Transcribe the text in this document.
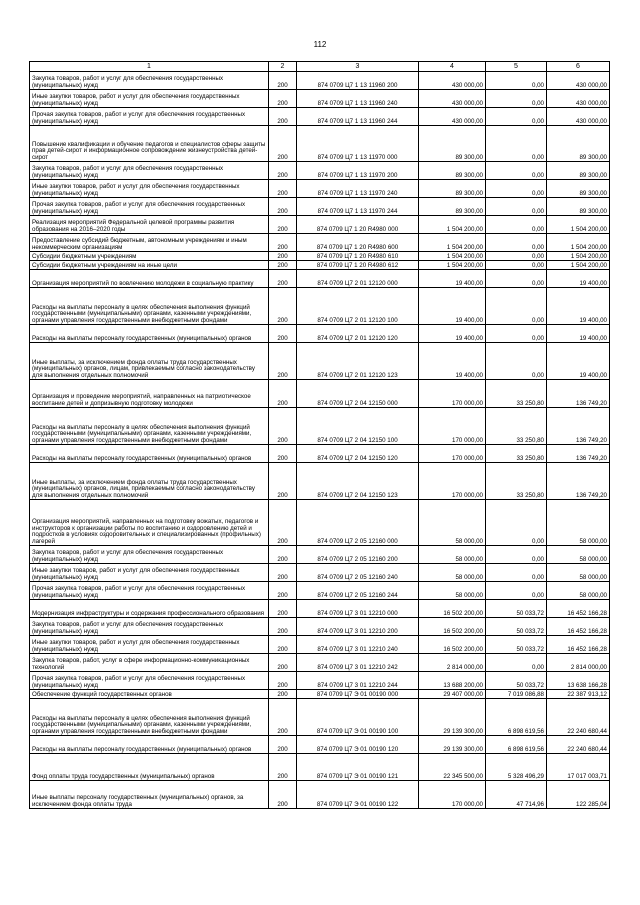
112
1	2	3	4	5	6
Закупка товаров, работ и услуг для обеспечения государственных (муниципальных) нужд	200	874 0709 Ц7 1 13 11960 200	430 000,00	0,00	430 000,00
Иные закупки товаров, работ и услуг для обеспечения государственных (муниципальных) нужд	200	874 0709 Ц7 1 13 11960 240	430 000,00	0,00	430 000,00
Прочая закупка товаров, работ и услуг для обеспечения государственных (муниципальных) нужд	200	874 0709 Ц7 1 13 11960 244	430 000,00	0,00	430 000,00
Повышение квалификации и обучение педагогов и специалистов сферы защиты прав детей-сирот и информационное сопровождение жизнеустройства детей-сирот	200	874 0709 Ц7 1 13 11970 000	89 300,00	0,00	89 300,00
Закупка товаров, работ и услуг для обеспечения государственных (муниципальных) нужд	200	874 0709 Ц7 1 13 11970 200	89 300,00	0,00	89 300,00
Иные закупки товаров, работ и услуг для обеспечения государственных (муниципальных) нужд	200	874 0709 Ц7 1 13 11970 240	89 300,00	0,00	89 300,00
Прочая закупка товаров, работ и услуг для обеспечения государственных (муниципальных) нужд	200	874 0709 Ц7 1 13 11970 244	89 300,00	0,00	89 300,00
Реализация мероприятий Федеральной целевой программы развития образования на 2016–2020 годы	200	874 0709 Ц7 1 20 R4980 000	1 504 200,00	0,00	1 504 200,00
Предоставление субсидий бюджетным, автономным учреждениям и иным некоммерческим организациям	200	874 0709 Ц7 1 20 R4980 600	1 504 200,00	0,00	1 504 200,00
Субсидии бюджетным учреждениям	200	874 0709 Ц7 1 20 R4980 610	1 504 200,00	0,00	1 504 200,00
Субсидии бюджетным учреждениям на иные цели	200	874 0709 Ц7 1 20 R4980 612	1 504 200,00	0,00	1 504 200,00
Организация мероприятий по вовлечению молодежи в социальную практику	200	874 0709 Ц7 2 01 12120 000	19 400,00	0,00	19 400,00
Расходы на выплаты персоналу в целях обеспечения выполнения функций государственными (муниципальными) органами, казенными учреждениями, органами управления государственными внебюджетными фондами	200	874 0709 Ц7 2 01 12120 100	19 400,00	0,00	19 400,00
Расходы на выплаты персоналу государственных (муниципальных) органов	200	874 0709 Ц7 2 01 12120 120	19 400,00	0,00	19 400,00
Иные выплаты, за исключением фонда оплаты труда государственных (муниципальных) органов, лицам, привлекаемым согласно законодательству для выполнения отдельных полномочий	200	874 0709 Ц7 2 01 12120 123	19 400,00	0,00	19 400,00
Организация и проведение мероприятий, направленных на патриотическое воспитание детей и допризывную подготовку молодежи	200	874 0709 Ц7 2 04 12150 000	170 000,00	33 250,80	136 749,20
Расходы на выплаты персоналу в целях обеспечения выполнения функций государственными (муниципальными) органами, казенными учреждениями, органами управления государственными внебюджетными фондами	200	874 0709 Ц7 2 04 12150 100	170 000,00	33 250,80	136 749,20
Расходы на выплаты персоналу государственных (муниципальных) органов	200	874 0709 Ц7 2 04 12150 120	170 000,00	33 250,80	136 749,20
Иные выплаты, за исключением фонда оплаты труда государственных (муниципальных) органов, лицам, привлекаемым согласно законодательству для выполнения отдельных полномочий	200	874 0709 Ц7 2 04 12150 123	170 000,00	33 250,80	136 749,20
Организация мероприятий, направленных на подготовку вожатых, педагогов и инструкторов к организации работы по воспитанию и оздоровлению детей и подростков в условиях оздоровительных и специализированных (профильных) лагерей	200	874 0709 Ц7 2 05 12160 000	58 000,00	0,00	58 000,00
Закупка товаров, работ и услуг для обеспечения государственных (муниципальных) нужд	200	874 0709 Ц7 2 05 12160 200	58 000,00	0,00	58 000,00
Иные закупки товаров, работ и услуг для обеспечения государственных (муниципальных) нужд	200	874 0709 Ц7 2 05 12160 240	58 000,00	0,00	58 000,00
Прочая закупка товаров, работ и услуг для обеспечения государственных (муниципальных) нужд	200	874 0709 Ц7 2 05 12160 244	58 000,00	0,00	58 000,00
Модернизация инфраструктуры и содержания профессионального образования	200	874 0709 Ц7 3 01 12210 000	16 502 200,00	50 033,72	16 452 166,28
Закупка товаров, работ и услуг для обеспечения государственных (муниципальных) нужд	200	874 0709 Ц7 3 01 12210 200	16 502 200,00	50 033,72	16 452 166,28
Иные закупки товаров, работ и услуг для обеспечения государственных (муниципальных) нужд	200	874 0709 Ц7 3 01 12210 240	16 502 200,00	50 033,72	16 452 166,28
Закупка товаров, работ, услуг в сфере информационно-коммуникационных технологий	200	874 0709 Ц7 3 01 12210 242	2 814 000,00	0,00	2 814 000,00
Прочая закупка товаров, работ и услуг для обеспечения государственных (муниципальных) нужд	200	874 0709 Ц7 3 01 12210 244	13 688 200,00	50 033,72	13 638 166,28
Обеспечение функций государственных органов	200	874 0709 Ц7 Э 01 00190 000	29 407 000,00	7 019 086,88	22 387 913,12
Расходы на выплаты персоналу в целях обеспечения выполнения функций государственными (муниципальными) органами, казенными учреждениями, органами управления государственными внебюджетными фондами	200	874 0709 Ц7 Э 01 00190 100	29 139 300,00	6 898 619,56	22 240 680,44
Расходы на выплаты персоналу государственных (муниципальных) органов	200	874 0709 Ц7 Э 01 00190 120	29 139 300,00	6 898 619,56	22 240 680,44
Фонд оплаты труда государственных (муниципальных) органов	200	874 0709 Ц7 Э 01 00190 121	22 345 500,00	5 328 496,29	17 017 003,71
Иные выплаты персоналу государственных (муниципальных) органов, за исключением фонда оплаты труда	200	874 0709 Ц7 Э 01 00190 122	170 000,00	47 714,96	122 285,04
